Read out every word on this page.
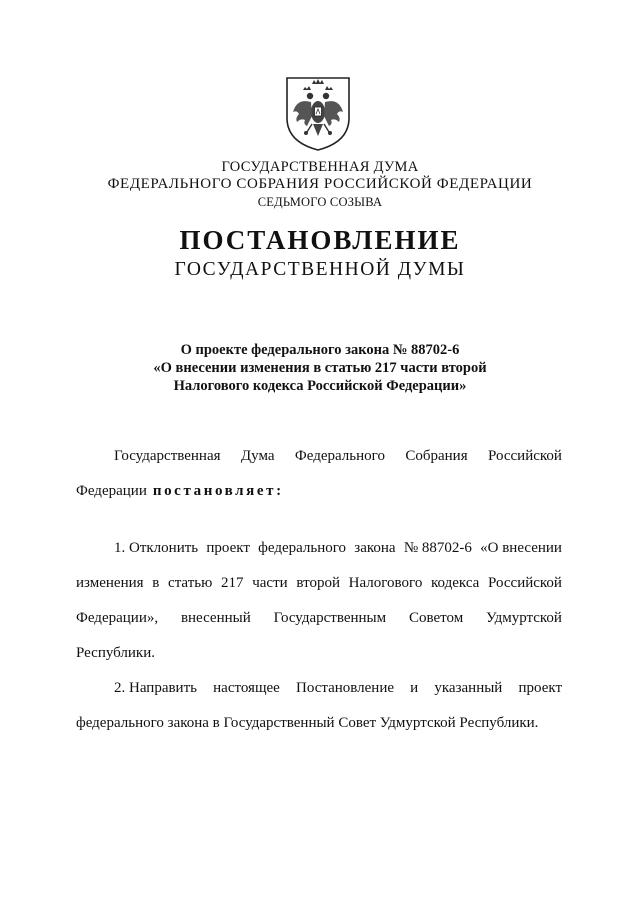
ГОСУДАРСТВЕННАЯ ДУМА
ФЕДЕРАЛЬНОГО СОБРАНИЯ РОССИЙСКОЙ ФЕДЕРАЦИИ
СЕДЬМОГО СОЗЫВА
ПОСТАНОВЛЕНИЕ
ГОСУДАРСТВЕННОЙ ДУМЫ
О проекте федерального закона № 88702-6
«О внесении изменения в статью 217 части второй
Налогового кодекса Российской Федерации»
Государственная Дума Федерального Собрания Российской
Федерации постановляет:
1. Отклонить проект федерального закона № 88702-6 «О внесении
изменения в статью 217 части второй Налогового кодекса Российской
Федерации», внесенный Государственным Советом Удмуртской
Республики.
2. Направить настоящее Постановление и указанный проект
федерального закона в Государственный Совет Удмуртской Республики.
